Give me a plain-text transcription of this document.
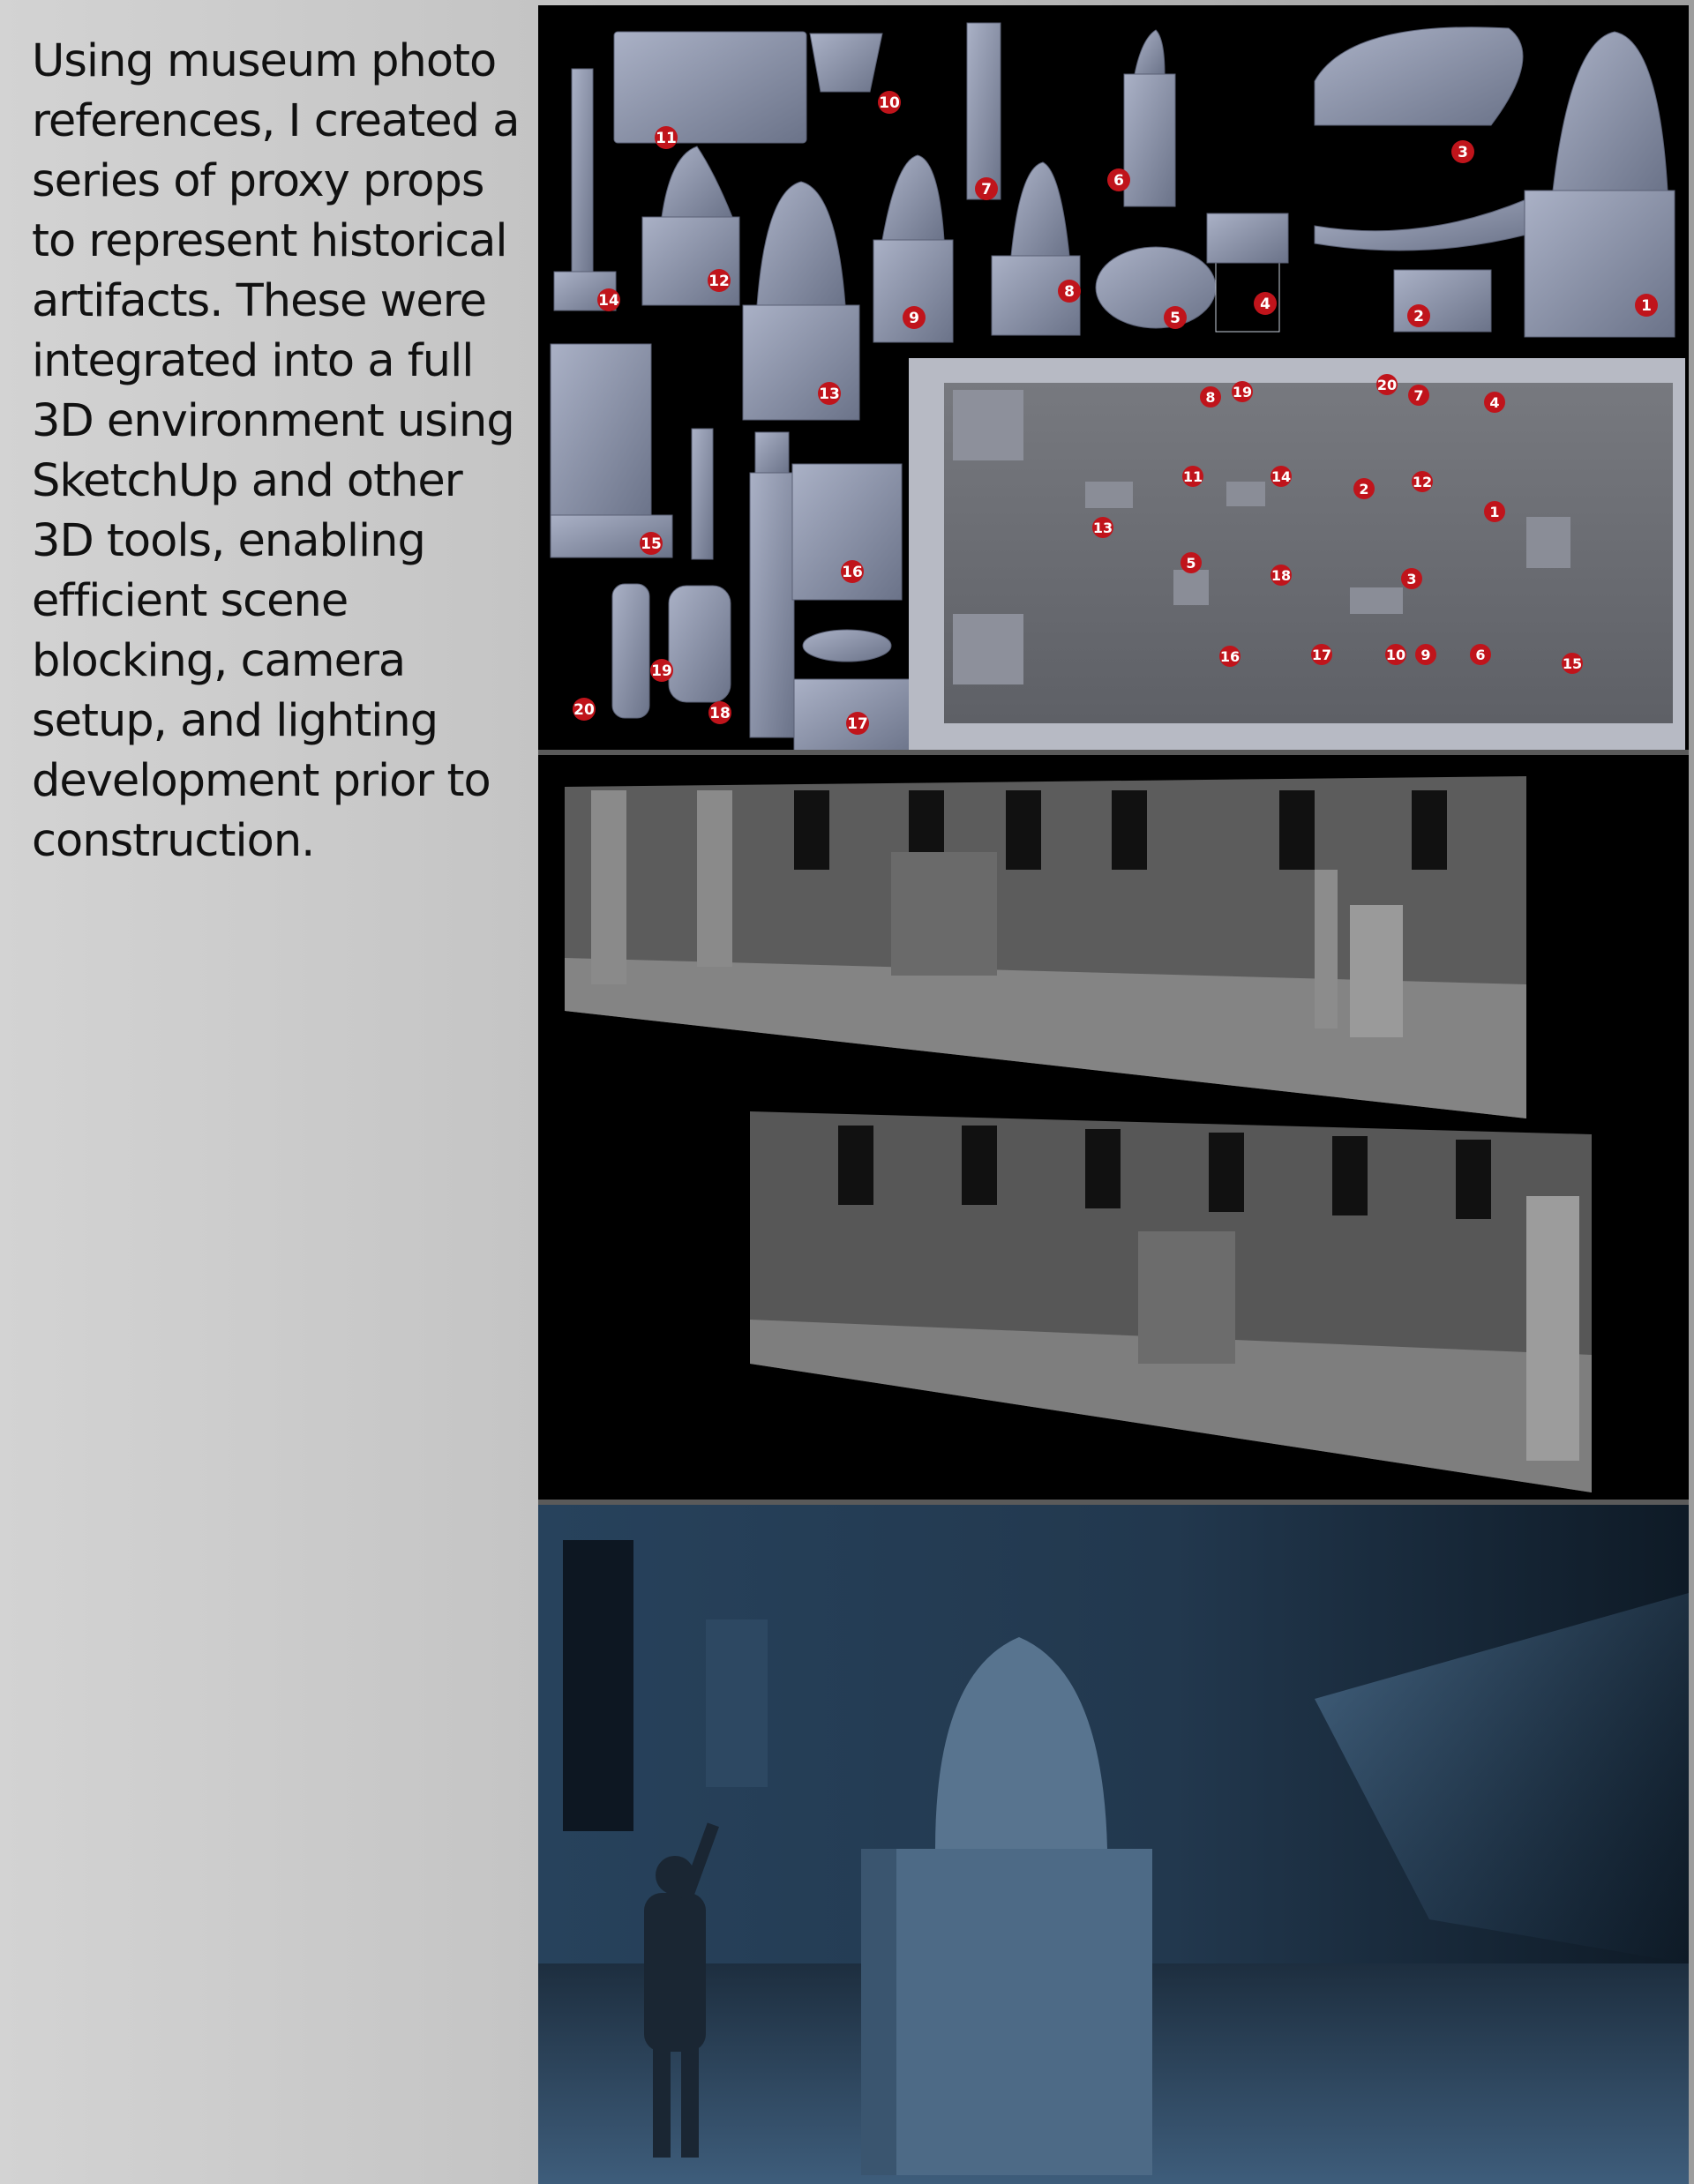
Using museum photo references, I created a series of proxy props to represent historical artifacts. These were integrated into a full 3D environment using SketchUp and other 3D tools, enabling efficient scene blocking, camera setup, and lighting development prior to construction.
11
10
7	6
3
12
14
9
8
5
4
2
1
13
15
16
19
20	18
17
8 19	20
7	4
11	14
2	12
1
13
5
18	3
16	17	10 9	6
15
